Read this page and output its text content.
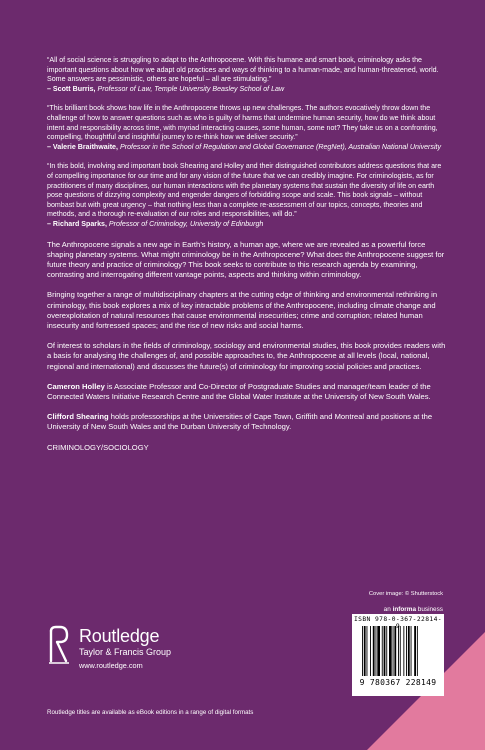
“All of social science is struggling to adapt to the Anthropocene. With this humane and smart book, criminology asks the important questions about how we adapt old practices and ways of thinking to a human-made, and human-threatened, world. Some answers are pessimistic, others are hopeful – all are stimulating.”

– Scott Burris, Professor of Law, Temple University Beasley School of Law

“This brilliant book shows how life in the Anthropocene throws up new challenges. The authors evocatively throw down the challenge of how to answer questions such as who is guilty of harms that undermine human security, how do we think about intent and responsibility across time, with myriad interacting causes, some human, some not? They take us on a confronting, compelling, thoughtful and insightful journey to re-think how we deliver security.”

– Valerie Braithwaite, Professor in the School of Regulation and Global Governance (RegNet), Australian National University

“In this bold, involving and important book Shearing and Holley and their distinguished contributors address questions that are of compelling importance for our time and for any vision of the future that we can credibly imagine. For criminologists, as for practitioners of many disciplines, our human interactions with the planetary systems that sustain the diversity of life on earth pose questions of dizzying complexity and engender dangers of forbidding scope and scale. This book signals – without bombast but with great urgency – that nothing less than a complete re-assessment of our topics, concepts, theories and methods, and a thorough re-evaluation of our roles and responsibilities, will do.”

– Richard Sparks, Professor of Criminology, University of Edinburgh

The Anthropocene signals a new age in Earth’s history, a human age, where we are revealed as a powerful force shaping planetary systems. What might criminology be in the Anthropocene? What does the Anthropocene suggest for future theory and practice of criminology? This book seeks to contribute to this research agenda by examining, contrasting and interrogating different vantage points, aspects and thinking within criminology.

Bringing together a range of multidisciplinary chapters at the cutting edge of thinking and environmental rethinking in criminology, this book explores a mix of key intractable problems of the Anthropocene, including climate change and overexploitation of natural resources that cause environmental insecurities; crime and corruption; related human insecurity and fortressed spaces; and the rise of new risks and social harms.

Of interest to scholars in the fields of criminology, sociology and environmental studies, this book provides readers with a basis for analysing the challenges of, and possible approaches to, the Anthropocene at all levels (local, national, regional and international) and discusses the future(s) of criminology for improving social policies and practices.

Cameron Holley is Associate Professor and Co-Director of Postgraduate Studies and manager/team leader of the Connected Waters Initiative Research Centre and the Global Water Institute at the University of New South Wales.

Clifford Shearing holds professorships at the Universities of Cape Town, Griffith and Montreal and positions at the University of New South Wales and the Durban University of Technology.

CRIMINOLOGY/SOCIOLOGY

Cover image: © Shutterstock
an informa business
ISBN 978-0-367-22814-9
9 780367 228149
Routledge
Taylor & Francis Group
www.routledge.com
Routledge titles are available as eBook editions in a range of digital formats
